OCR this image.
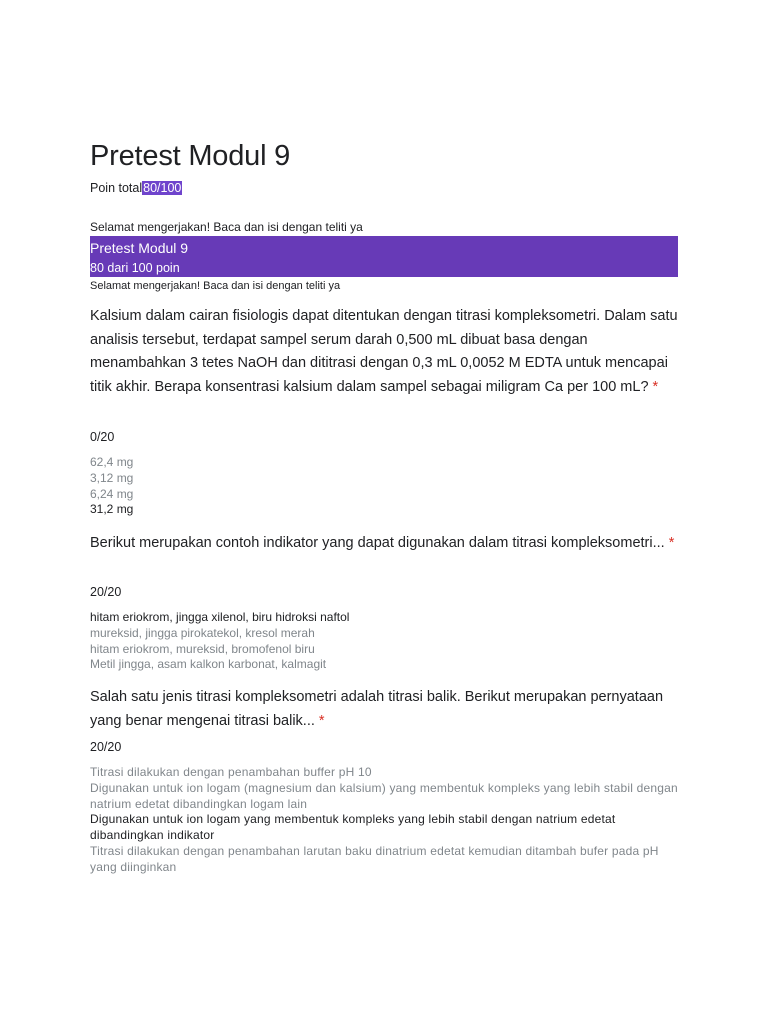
Pretest Modul 9
Poin total80/100
Selamat mengerjakan! Baca dan isi dengan teliti ya
Pretest Modul 9
80 dari 100 poin
Selamat mengerjakan! Baca dan isi dengan teliti ya
Kalsium dalam cairan fisiologis dapat ditentukan dengan titrasi kompleksometri. Dalam satu analisis tersebut, terdapat sampel serum darah 0,500 mL dibuat basa dengan menambahkan 3 tetes NaOH dan dititrasi dengan 0,3 mL 0,0052 M EDTA untuk mencapai titik akhir. Berapa konsentrasi kalsium dalam sampel sebagai miligram Ca per 100 mL? *
0/20
62,4 mg
3,12 mg
6,24 mg
31,2 mg
Berikut merupakan contoh indikator yang dapat digunakan dalam titrasi kompleksometri... *
20/20
hitam eriokrom, jingga xilenol, biru hidroksi naftol
mureksid, jingga pirokatekol, kresol merah
hitam eriokrom, mureksid, bromofenol biru
Metil jingga, asam kalkon karbonat, kalmagit
Salah satu jenis titrasi kompleksometri adalah titrasi balik. Berikut merupakan pernyataan yang benar mengenai titrasi balik... *
20/20
Titrasi dilakukan dengan penambahan buffer pH 10
Digunakan untuk ion logam (magnesium dan kalsium) yang membentuk kompleks yang lebih stabil dengan natrium edetat dibandingkan logam lain
Digunakan untuk ion logam yang membentuk kompleks yang lebih stabil dengan natrium edetat dibandingkan indikator
Titrasi dilakukan dengan penambahan larutan baku dinatrium edetat kemudian ditambah bufer pada pH yang diinginkan
